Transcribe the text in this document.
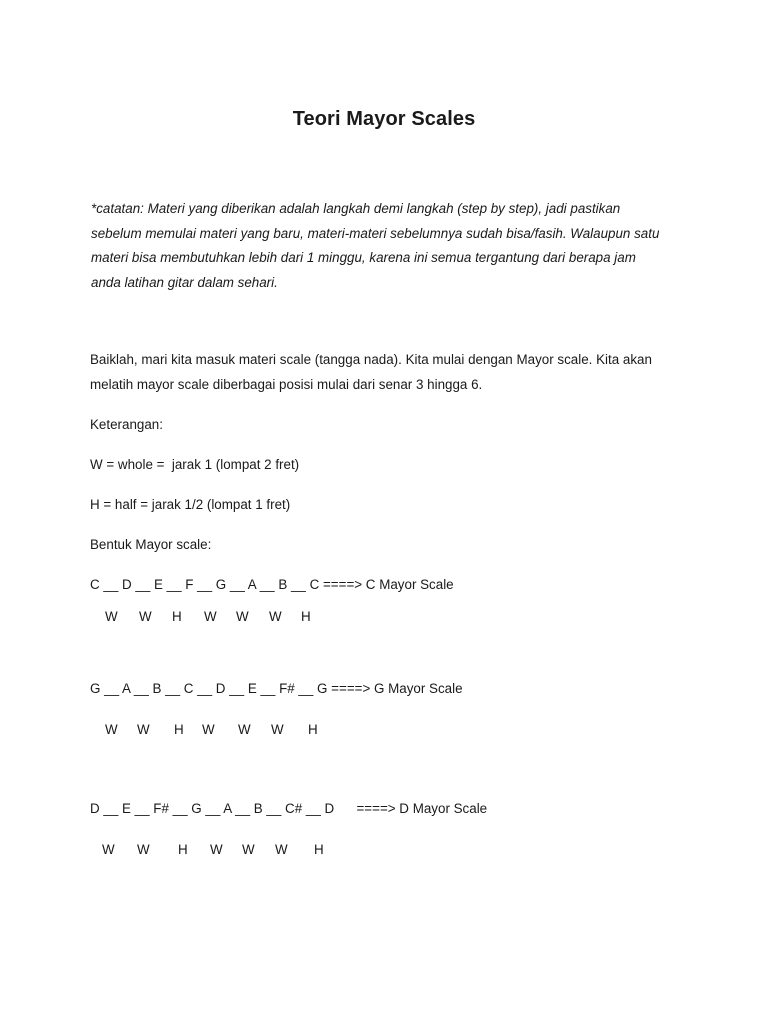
Teori Mayor Scales

*catatan: Materi yang diberikan adalah langkah demi langkah (step by step), jadi pastikan

sebelum memulai materi yang baru, materi-materi sebelumnya sudah bisa/fasih. Walaupun satu

materi bisa membutuhkan lebih dari 1 minggu, karena ini semua tergantung dari berapa jam

anda latihan gitar dalam sehari.

Baiklah, mari kita masuk materi scale (tangga nada). Kita mulai dengan Mayor scale. Kita akan

melatih mayor scale diberbagai posisi mulai dari senar 3 hingga 6.

Keterangan:

W = whole =  jarak 1 (lompat 2 fret)

H = half = jarak 1/2 (lompat 1 fret)

Bentuk Mayor scale:

C __ D __ E __ F __ G __ A __ B __ C ====> C Mayor Scale

W W H W W W H

G __ A __ B __ C __ D __ E __ F# __ G ====> G Mayor Scale

W W H W W W H

D __ E __ F# __ G __ A __ B __ C# __ D      ====> D Mayor Scale

W W H W W W H
